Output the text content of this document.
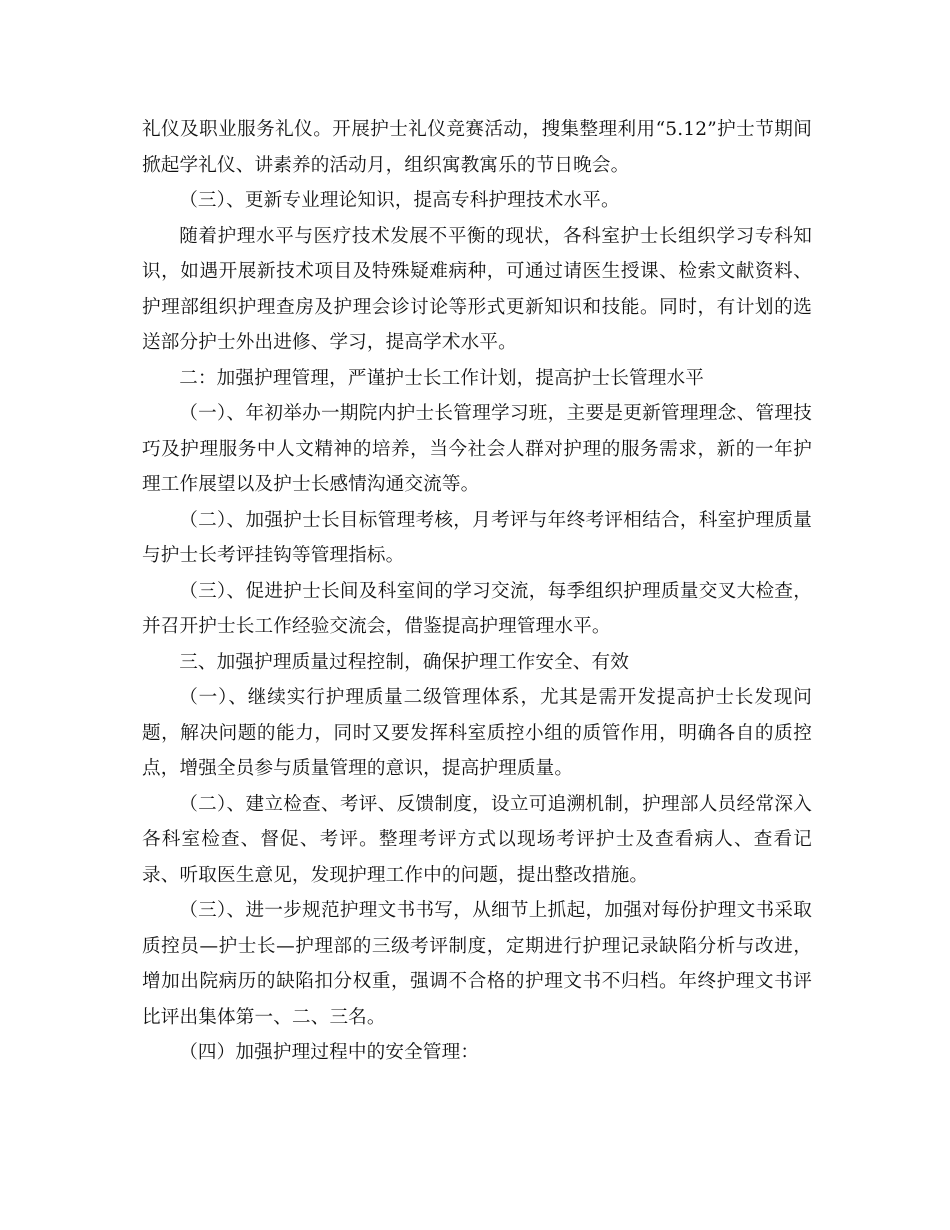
礼仪及职业服务礼仪。开展护士礼仪竞赛活动，搜集整理利用“5.12”护士节期间掀起学礼仪、讲素养的活动月，组织寓教寓乐的节日晚会。

（三）、更新专业理论知识，提高专科护理技术水平。

随着护理水平与医疗技术发展不平衡的现状，各科室护士长组织学习专科知识，如遇开展新技术项目及特殊疑难病种，可通过请医生授课、检索文献资料、护理部组织护理查房及护理会诊讨论等形式更新知识和技能。同时，有计划的选送部分护士外出进修、学习，提高学术水平。

二：加强护理管理，严谨护士长工作计划，提高护士长管理水平

（一）、年初举办一期院内护士长管理学习班，主要是更新管理理念、管理技巧及护理服务中人文精神的培养，当今社会人群对护理的服务需求，新的一年护理工作展望以及护士长感情沟通交流等。

（二）、加强护士长目标管理考核，月考评与年终考评相结合，科室护理质量与护士长考评挂钩等管理指标。

（三）、促进护士长间及科室间的学习交流，每季组织护理质量交叉大检查，并召开护士长工作经验交流会，借鉴提高护理管理水平。

三、加强护理质量过程控制，确保护理工作安全、有效

（一）、继续实行护理质量二级管理体系，尤其是需开发提高护士长发现问题，解决问题的能力，同时又要发挥科室质控小组的质管作用，明确各自的质控点，增强全员参与质量管理的意识，提高护理质量。

（二）、建立检查、考评、反馈制度，设立可追溯机制，护理部人员经常深入各科室检查、督促、考评。整理考评方式以现场考评护士及查看病人、查看记录、听取医生意见，发现护理工作中的问题，提出整改措施。

（三）、进一步规范护理文书书写，从细节上抓起，加强对每份护理文书采取质控员—护士长—护理部的三级考评制度，定期进行护理记录缺陷分析与改进，增加出院病历的缺陷扣分权重，强调不合格的护理文书不归档。年终护理文书评比评出集体第一、二、三名。

（四）加强护理过程中的安全管理：
